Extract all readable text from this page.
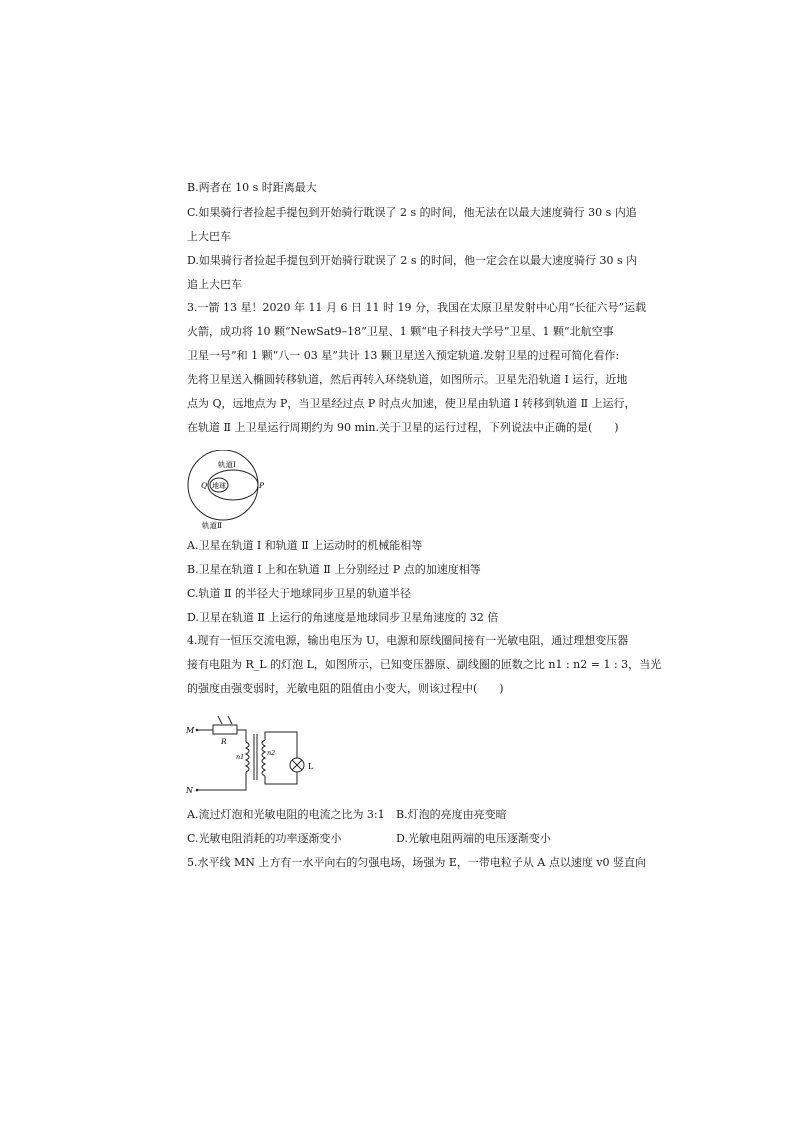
B.两者在 10 s 时距离最大
C.如果骑行者捡起手提包到开始骑行耽误了 2 s 的时间，他无法在以最大速度骑行 30 s 内追
上大巴车
D.如果骑行者捡起手提包到开始骑行耽误了 2 s 的时间，他一定会在以最大速度骑行 30 s 内
追上大巴车
3.一箭 13 星！2020 年 11 月 6 日 11 时 19 分，我国在太原卫星发射中心用“长征六号”运载
火箭，成功将 10 颗“NewSat9–18”卫星、1 颗“电子科技大学号”卫星、1 颗“北航空事
卫星一号”和 1 颗“八一 03 星”共计 13 颗卫星送入预定轨道.发射卫星的过程可简化看作:
先将卫星送入椭圆转移轨道，然后再转入环绕轨道，如图所示。卫星先沿轨道 Ⅰ 运行，近地
点为 Q，远地点为 P，当卫星经过点 P 时点火加速，使卫星由轨道 Ⅰ 转移到轨道 Ⅱ 上运行，
在轨道 Ⅱ 上卫星运行周期约为 90 min.关于卫星的运行过程，下列说法中正确的是(　　)
地球
轨道Ⅰ
轨道Ⅱ
Q	P
A.卫星在轨道 Ⅰ 和轨道 Ⅱ 上运动时的机械能相等
B.卫星在轨道 Ⅰ 上和在轨道 Ⅱ 上分别经过 P 点的加速度相等
C.轨道 Ⅱ 的半径大于地球同步卫星的轨道半径
D.卫星在轨道 Ⅱ 上运行的角速度是地球同步卫星角速度的 32 倍
4.现有一恒压交流电源，输出电压为 U，电源和原线圈间接有一光敏电阻，通过理想变压器
接有电阻为 R_L 的灯泡 L，如图所示，已知变压器原、副线圈的匝数之比 n1 : n2 = 1 : 3，当光
的强度由强变弱时，光敏电阻的阻值由小变大，则该过程中(　　)
M
N
R
n1	n2
L
A.流过灯泡和光敏电阻的电流之比为 3:1 B.灯泡的亮度由亮变暗
C.光敏电阻消耗的功率逐渐变小	D.光敏电阻两端的电压逐渐变小
5.水平线 MN 上方有一水平向右的匀强电场，场强为 E，一带电粒子从 A 点以速度 v0 竖直向
